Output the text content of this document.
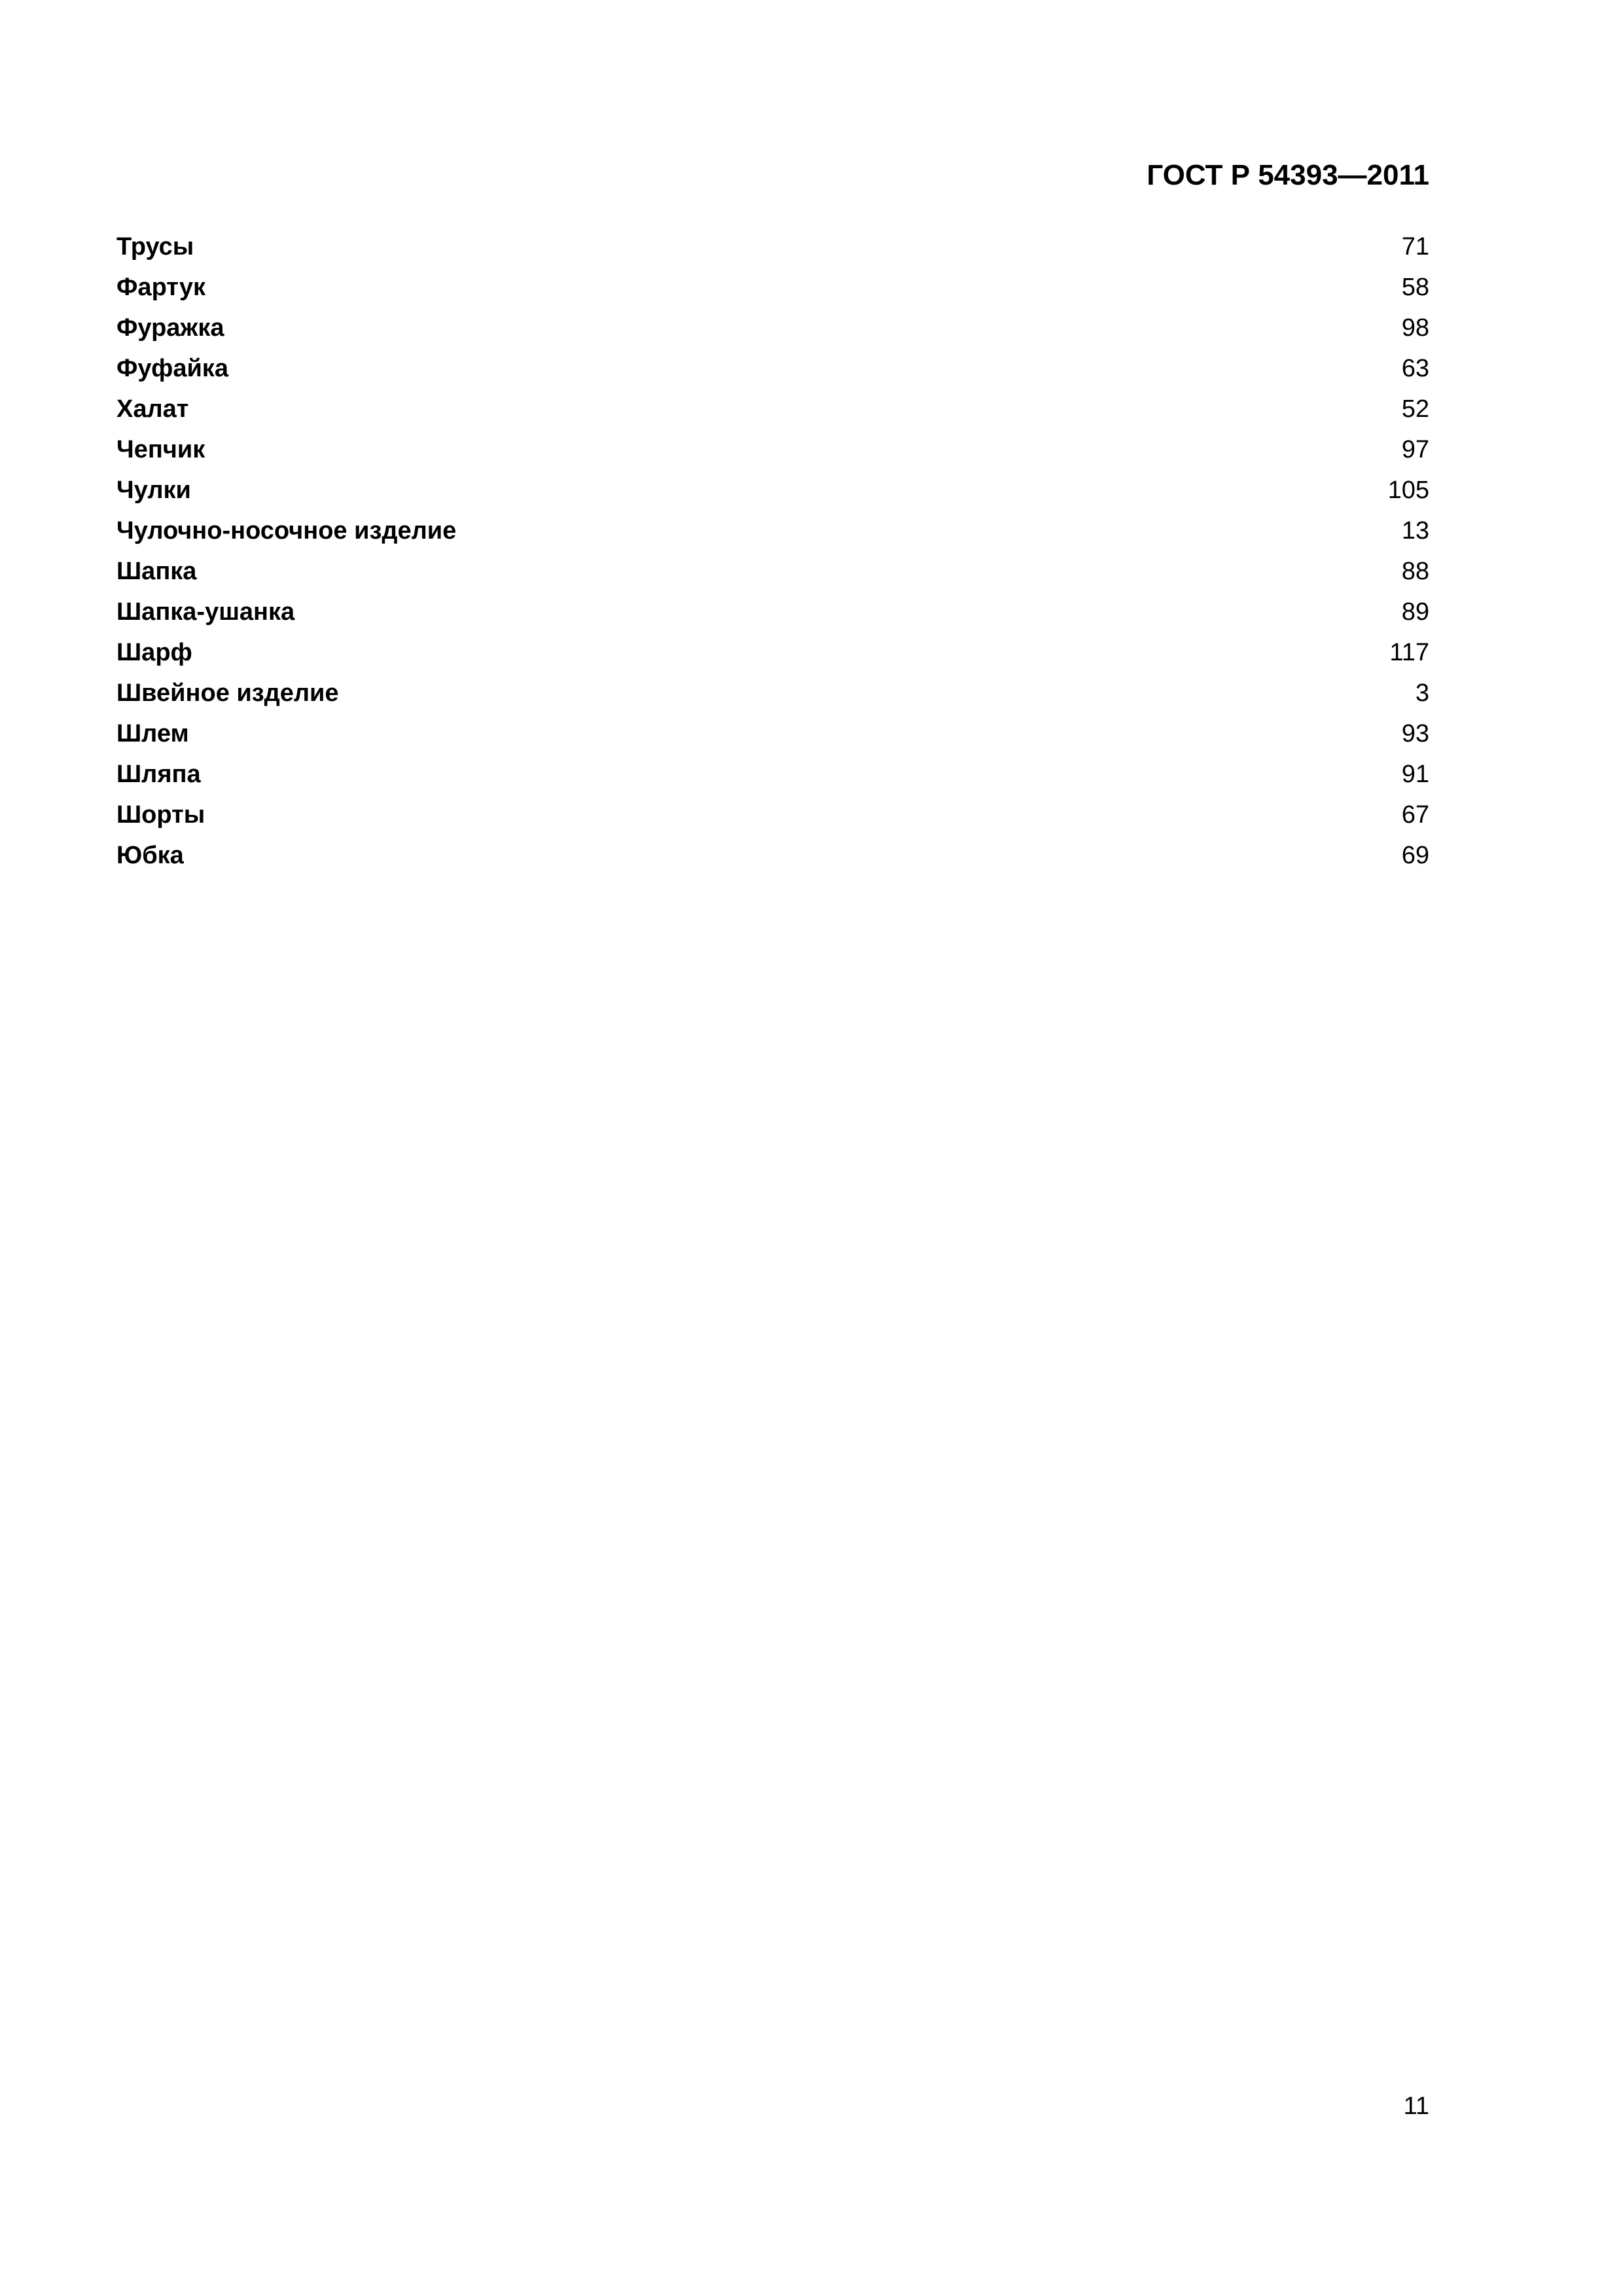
ГОСТ Р 54393—2011
Трусы	71
Фартук	58
Фуражка	98
Фуфайка	63
Халат	52
Чепчик	97
Чулки	105
Чулочно-носочное изделие	13
Шапка	88
Шапка-ушанка	89
Шарф	117
Швейное изделие	3
Шлем	93
Шляпа	91
Шорты	67
Юбка	69
11
